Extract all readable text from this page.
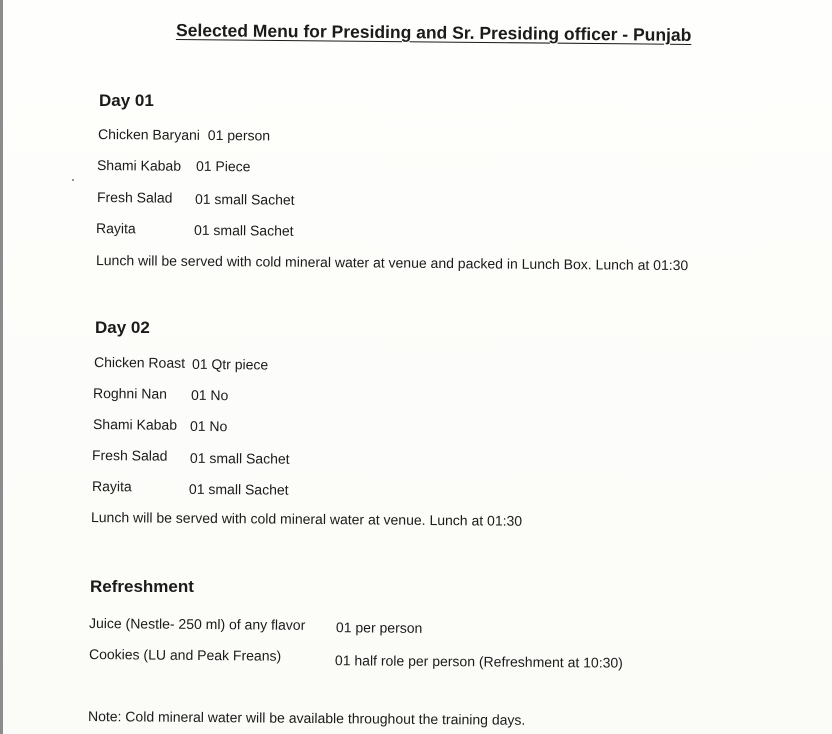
Selected Menu for Presiding and Sr. Presiding officer - Punjab
Day 01
Chicken Baryani 01 person
Shami Kabab 01 Piece
Fresh Salad 01 small Sachet
Rayita	01 small Sachet
Lunch will be served with cold mineral water at venue and packed in Lunch Box. Lunch at 01:30
Day 02
Chicken Roast 01 Qtr piece
Roghni Nan 01 No
Shami Kabab 01 No
Fresh Salad 01 small Sachet
Rayita	01 small Sachet
Lunch will be served with cold mineral water at venue. Lunch at 01:30
Refreshment
Juice (Nestle- 250 ml) of any flavor 01 per person
Cookies (LU and Peak Freans)	01 half role per person (Refreshment at 10:30)
Note: Cold mineral water will be available throughout the training days.
